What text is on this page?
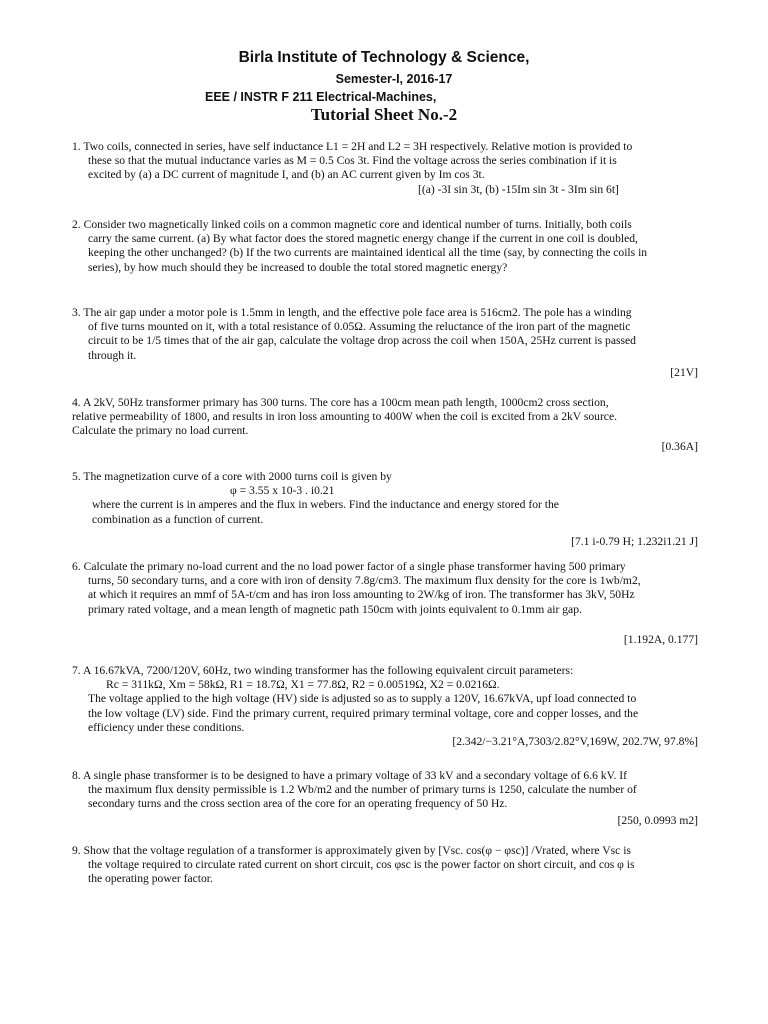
Birla Institute of Technology & Science,
Semester-I, 2016-17
EEE / INSTR F 211 Electrical-Machines,
Tutorial Sheet No.-2
1. Two coils, connected in series, have self inductance L1 = 2H and L2 = 3H respectively. Relative motion is provided to
these so that the mutual inductance varies as M = 0.5 Cos 3t. Find the voltage across the series combination if it is
excited by (a) a DC current of magnitude I, and (b) an AC current given by Im cos 3t.
[(a) -3I sin 3t, (b) -15Im sin 3t - 3Im sin 6t]
2. Consider two magnetically linked coils on a common magnetic core and identical number of turns. Initially, both coils
carry the same current. (a) By what factor does the stored magnetic energy change if the current in one coil is doubled,
keeping the other unchanged? (b) If the two currents are maintained identical all the time (say, by connecting the coils in
series), by how much should they be increased to double the total stored magnetic energy?
3. The air gap under a motor pole is 1.5mm in length, and the effective pole face area is 516cm2. The pole has a winding
of five turns mounted on it, with a total resistance of 0.05Ω. Assuming the reluctance of the iron part of the magnetic
circuit to be 1/5 times that of the air gap, calculate the voltage drop across the coil when 150A, 25Hz current is passed
through it.
[21V]
4. A 2kV, 50Hz transformer primary has 300 turns. The core has a 100cm mean path length, 1000cm2 cross section,
relative permeability of 1800, and results in iron loss amounting to 400W when the coil is excited from a 2kV source.
Calculate the primary no load current.
[0.36A]
5. The magnetization curve of a core with 2000 turns coil is given by
φ = 3.55 x 10-3 . i0.21
where the current is in amperes and the flux in webers. Find the inductance and energy stored for the
combination as a function of current.
[7.1 i-0.79 H; 1.232i1.21 J]
6. Calculate the primary no-load current and the no load power factor of a single phase transformer having 500 primary
turns, 50 secondary turns, and a core with iron of density 7.8g/cm3. The maximum flux density for the core is 1wb/m2,
at which it requires an mmf of 5A-t/cm and has iron loss amounting to 2W/kg of iron. The transformer has 3kV, 50Hz
primary rated voltage, and a mean length of magnetic path 150cm with joints equivalent to 0.1mm air gap.
[1.192A, 0.177]
7. A 16.67kVA, 7200/120V, 60Hz, two winding transformer has the following equivalent circuit parameters:
Rc = 311kΩ, Xm = 58kΩ, R1 = 18.7Ω, X1 = 77.8Ω, R2 = 0.00519Ω, X2 = 0.0216Ω.
The voltage applied to the high voltage (HV) side is adjusted so as to supply a 120V, 16.67kVA, upf load connected to
the low voltage (LV) side. Find the primary current, required primary terminal voltage, core and copper losses, and the
efficiency under these conditions.
[2.342/−3.21°A,7303/2.82°V,169W, 202.7W, 97.8%]
8. A single phase transformer is to be designed to have a primary voltage of 33 kV and a secondary voltage of 6.6 kV. If
the maximum flux density permissible is 1.2 Wb/m2 and the number of primary turns is 1250, calculate the number of
secondary turns and the cross section area of the core for an operating frequency of 50 Hz.
[250, 0.0993 m2]
9. Show that the voltage regulation of a transformer is approximately given by [Vsc. cos(φ − φsc)] /Vrated, where Vsc is
the voltage required to circulate rated current on short circuit, cos φsc is the power factor on short circuit, and cos φ is
the operating power factor.
